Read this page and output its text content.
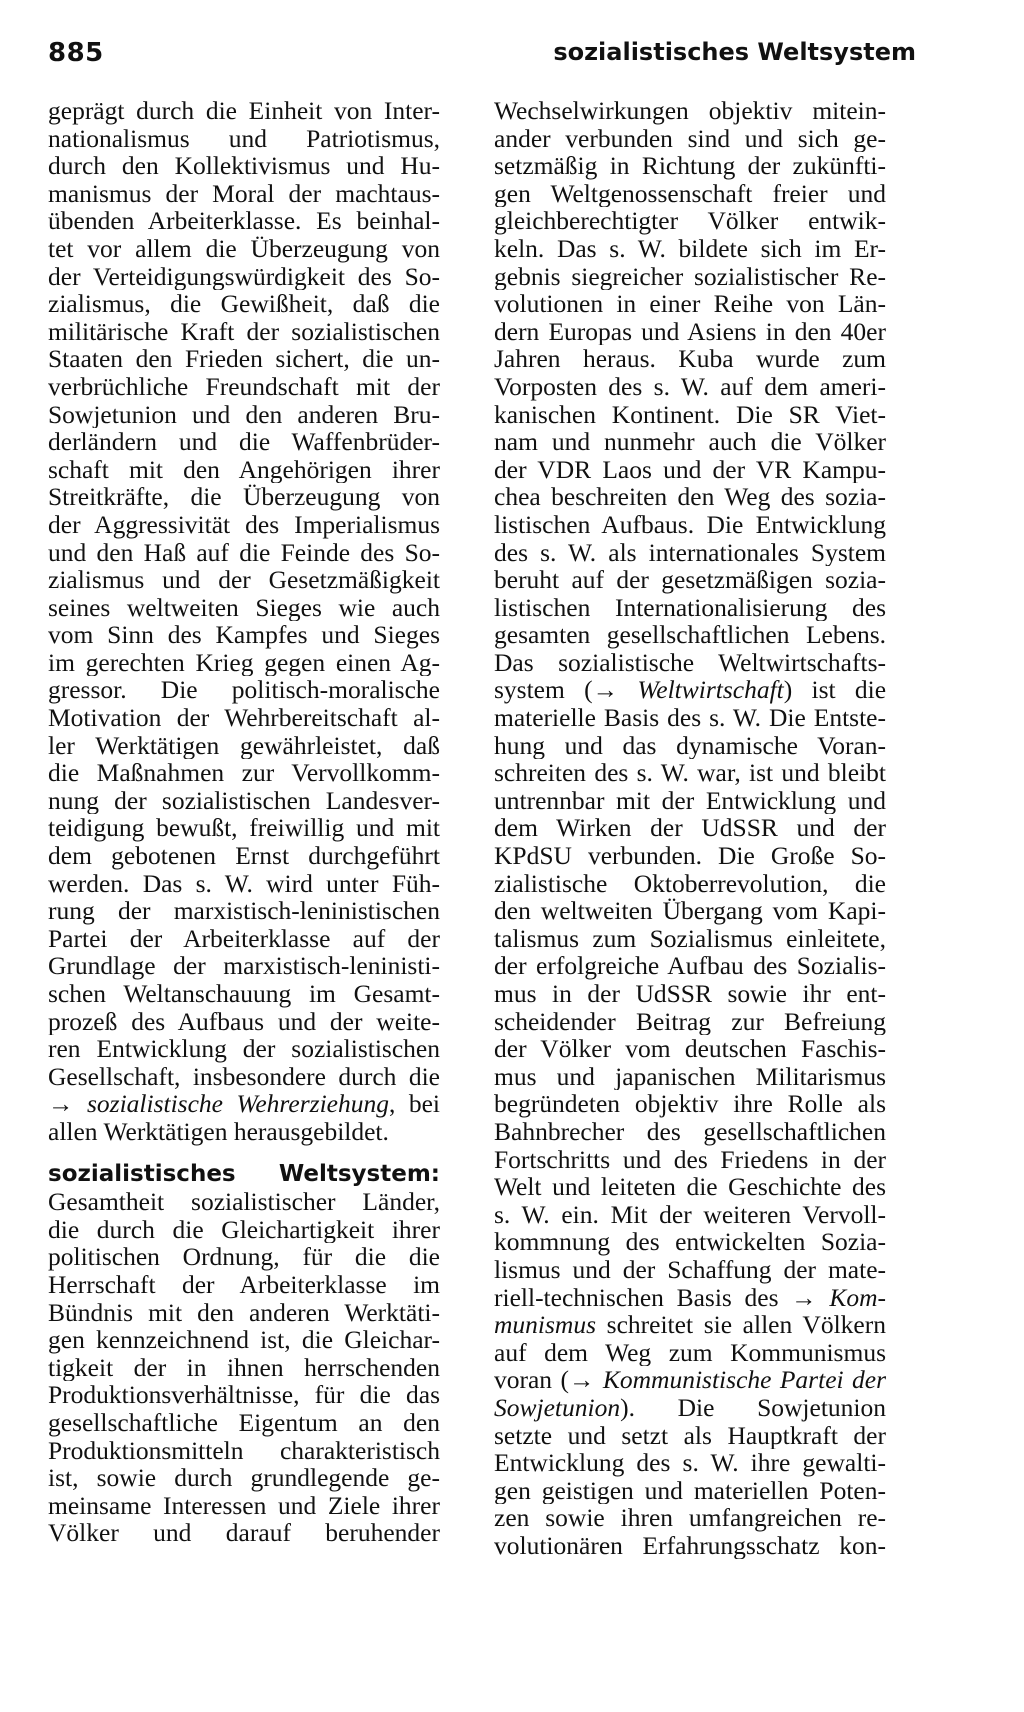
885	sozialistisches Weltsystem
geprägt durch die Einheit von Inter-
nationalismus und Patriotismus,
durch den Kollektivismus und Hu-
manismus der Moral der machtaus-
übenden Arbeiterklasse. Es beinhal-
tet vor allem die Überzeugung von
der Verteidigungswürdigkeit des So-
zialismus, die Gewißheit, daß die
militärische Kraft der sozialistischen
Staaten den Frieden sichert, die un-
verbrüchliche Freundschaft mit der
Sowjetunion und den anderen Bru-
derländern und die Waffenbrüder-
schaft mit den Angehörigen ihrer
Streitkräfte, die Überzeugung von
der Aggressivität des Imperialismus
und den Haß auf die Feinde des So-
zialismus und der Gesetzmäßigkeit
seines weltweiten Sieges wie auch
vom Sinn des Kampfes und Sieges
im gerechten Krieg gegen einen Ag-
gressor. Die politisch-moralische
Motivation der Wehrbereitschaft al-
ler Werktätigen gewährleistet, daß
die Maßnahmen zur Vervollkomm-
nung der sozialistischen Landesver-
teidigung bewußt, freiwillig und mit
dem gebotenen Ernst durchgeführt
werden. Das s. W. wird unter Füh-
rung der marxistisch-leninistischen
Partei der Arbeiterklasse auf der
Grundlage der marxistisch-leninisti-
schen Weltanschauung im Gesamt-
prozeß des Aufbaus und der weite-
ren Entwicklung der sozialistischen
Gesellschaft, insbesondere durch die
→ sozialistische Wehrerziehung, bei
allen Werktätigen herausgebildet.
sozialistisches Weltsystem:
Gesamtheit sozialistischer Länder,
die durch die Gleichartigkeit ihrer
politischen Ordnung, für die die
Herrschaft der Arbeiterklasse im
Bündnis mit den anderen Werktäti-
gen kennzeichnend ist, die Gleichar-
tigkeit der in ihnen herrschenden
Produktionsverhältnisse, für die das
gesellschaftliche Eigentum an den
Produktionsmitteln charakteristisch
ist, sowie durch grundlegende ge-
meinsame Interessen und Ziele ihrer
Völker und darauf beruhender
Wechselwirkungen objektiv mitein-
ander verbunden sind und sich ge-
setzmäßig in Richtung der zukünfti-
gen Weltgenossenschaft freier und
gleichberechtigter Völker entwik-
keln. Das s. W. bildete sich im Er-
gebnis siegreicher sozialistischer Re-
volutionen in einer Reihe von Län-
dern Europas und Asiens in den 40er
Jahren heraus. Kuba wurde zum
Vorposten des s. W. auf dem ameri-
kanischen Kontinent. Die SR Viet-
nam und nunmehr auch die Völker
der VDR Laos und der VR Kampu-
chea beschreiten den Weg des sozia-
listischen Aufbaus. Die Entwicklung
des s. W. als internationales System
beruht auf der gesetzmäßigen sozia-
listischen Internationalisierung des
gesamten gesellschaftlichen Lebens.
Das sozialistische Weltwirtschafts-
system (→ Weltwirtschaft) ist die
materielle Basis des s. W. Die Entste-
hung und das dynamische Voran-
schreiten des s. W. war, ist und bleibt
untrennbar mit der Entwicklung und
dem Wirken der UdSSR und der
KPdSU verbunden. Die Große So-
zialistische Oktoberrevolution, die
den weltweiten Übergang vom Kapi-
talismus zum Sozialismus einleitete,
der erfolgreiche Aufbau des Sozialis-
mus in der UdSSR sowie ihr ent-
scheidender Beitrag zur Befreiung
der Völker vom deutschen Faschis-
mus und japanischen Militarismus
begründeten objektiv ihre Rolle als
Bahnbrecher des gesellschaftlichen
Fortschritts und des Friedens in der
Welt und leiteten die Geschichte des
s. W. ein. Mit der weiteren Vervoll-
kommnung des entwickelten Sozia-
lismus und der Schaffung der mate-
riell-technischen Basis des → Kom-
munismus schreitet sie allen Völkern
auf dem Weg zum Kommunismus
voran (→ Kommunistische Partei der
Sowjetunion). Die Sowjetunion
setzte und setzt als Hauptkraft der
Entwicklung des s. W. ihre gewalti-
gen geistigen und materiellen Poten-
zen sowie ihren umfangreichen re-
volutionären Erfahrungsschatz kon-
